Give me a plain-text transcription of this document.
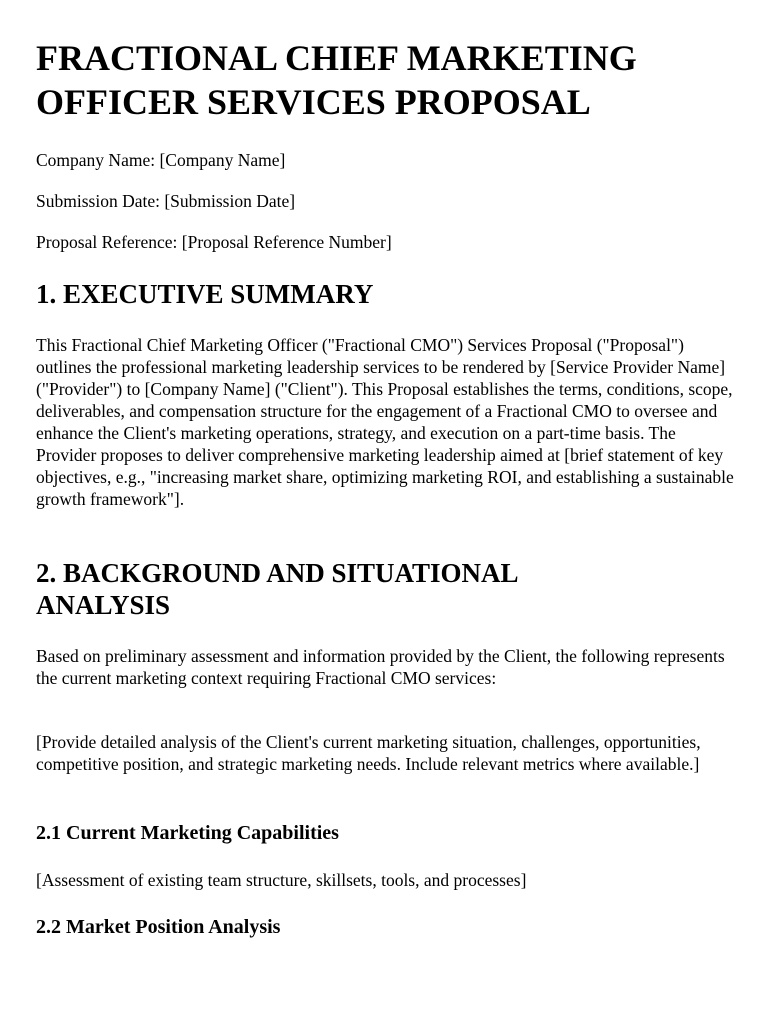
FRACTIONAL CHIEF MARKETING
OFFICER SERVICES PROPOSAL
Company Name: [Company Name]
Submission Date: [Submission Date]
Proposal Reference: [Proposal Reference Number]
1. EXECUTIVE SUMMARY

This Fractional Chief Marketing Officer ("Fractional CMO") Services Proposal ("Proposal") outlines the professional marketing leadership services to be rendered by [Service Provider Name] ("Provider") to [Company Name] ("Client"). This Proposal establishes the terms, conditions, scope, deliverables, and compensation structure for the engagement of a Fractional CMO to oversee and enhance the Client's marketing operations, strategy, and execution on a part-time basis. The Provider proposes to deliver comprehensive marketing leadership aimed at [brief statement of key objectives, e.g., "increasing market share, optimizing marketing ROI, and establishing a sustainable growth framework"].

2. BACKGROUND AND SITUATIONAL
ANALYSIS

Based on preliminary assessment and information provided by the Client, the following represents the current marketing context requiring Fractional CMO services:

[Provide detailed analysis of the Client's current marketing situation, challenges, opportunities, competitive position, and strategic marketing needs. Include relevant metrics where available.]

2.1 Current Marketing Capabilities

[Assessment of existing team structure, skillsets, tools, and processes]

2.2 Market Position Analysis
